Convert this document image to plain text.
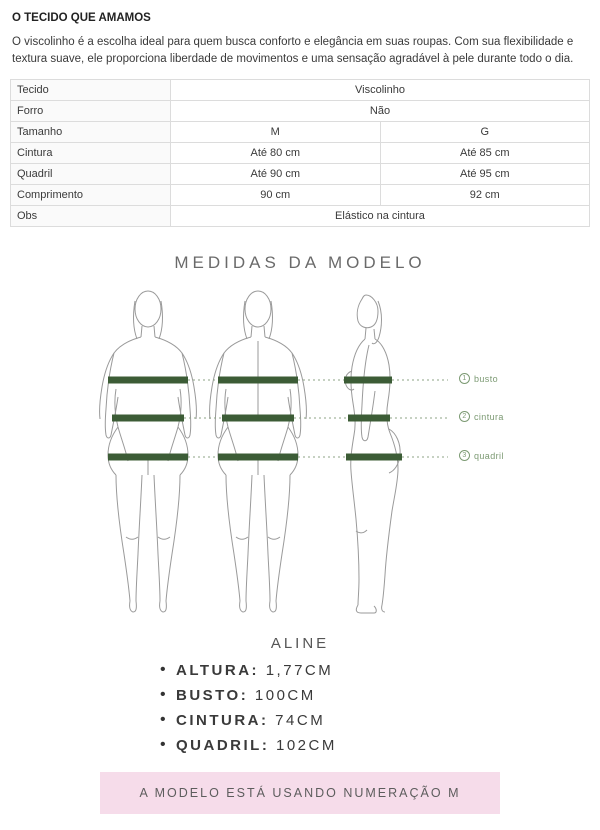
O TECIDO QUE AMAMOS

O viscolinho é a escolha ideal para quem busca conforto e elegância em suas roupas. Com sua flexibilidade e textura suave, ele proporciona liberdade de movimentos e uma sensação agradável à pele durante todo o dia.

Tecido	Viscolinho	
Forro	Não	
Tamanho	M	G
Cintura	Até 80 cm	Até 85 cm
Quadril	Até 90 cm	Até 95 cm
Comprimento	90 cm	92 cm
Obs	Elástico na cintura	
MEDIDAS DA MODELO
1 busto
2 cintura
3 quadril
ALINE
• ALTURA: 1,77CM
• BUSTO: 100CM
• CINTURA: 74CM
• QUADRIL: 102CM
A MODELO ESTÁ USANDO NUMERAÇÃO M
